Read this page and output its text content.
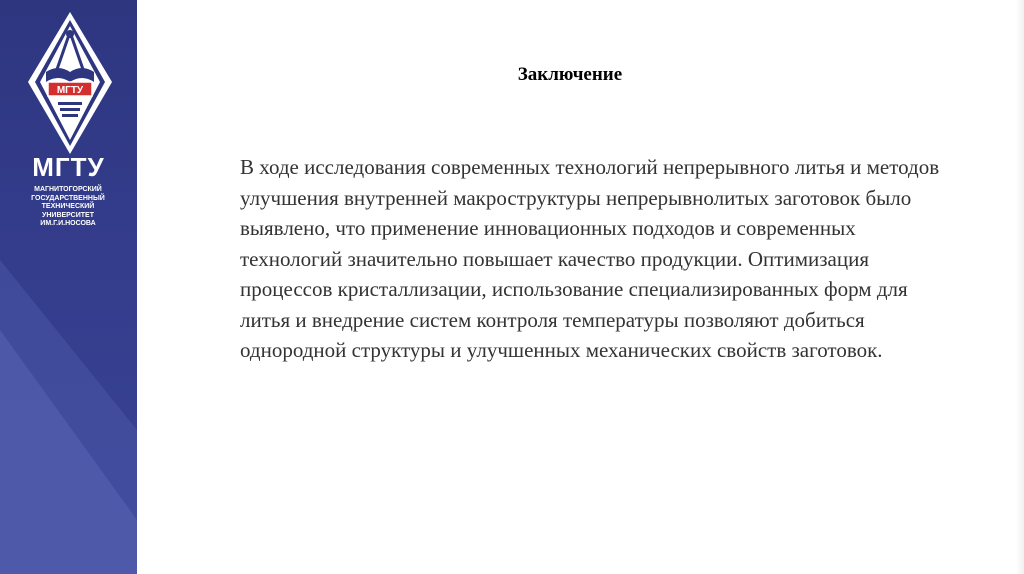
МГТУ
МГТУ
МАГНИТОГОРСКИЙ
ГОСУДАРСТВЕННЫЙ
ТЕХНИЧЕСКИЙ
УНИВЕРСИТЕТ
ИМ.Г.И.НОСОВА
Заключение

В ходе исследования современных технологий непрерывного литья и методов улучшения внутренней макроструктуры непрерывнолитых заготовок было выявлено, что применение инновационных подходов и современных технологий значительно повышает качество продукции. Оптимизация процессов кристаллизации, использование специализированных форм для литья и внедрение систем контроля температуры позволяют добиться однородной структуры и улучшенных механических свойств заготовок.
